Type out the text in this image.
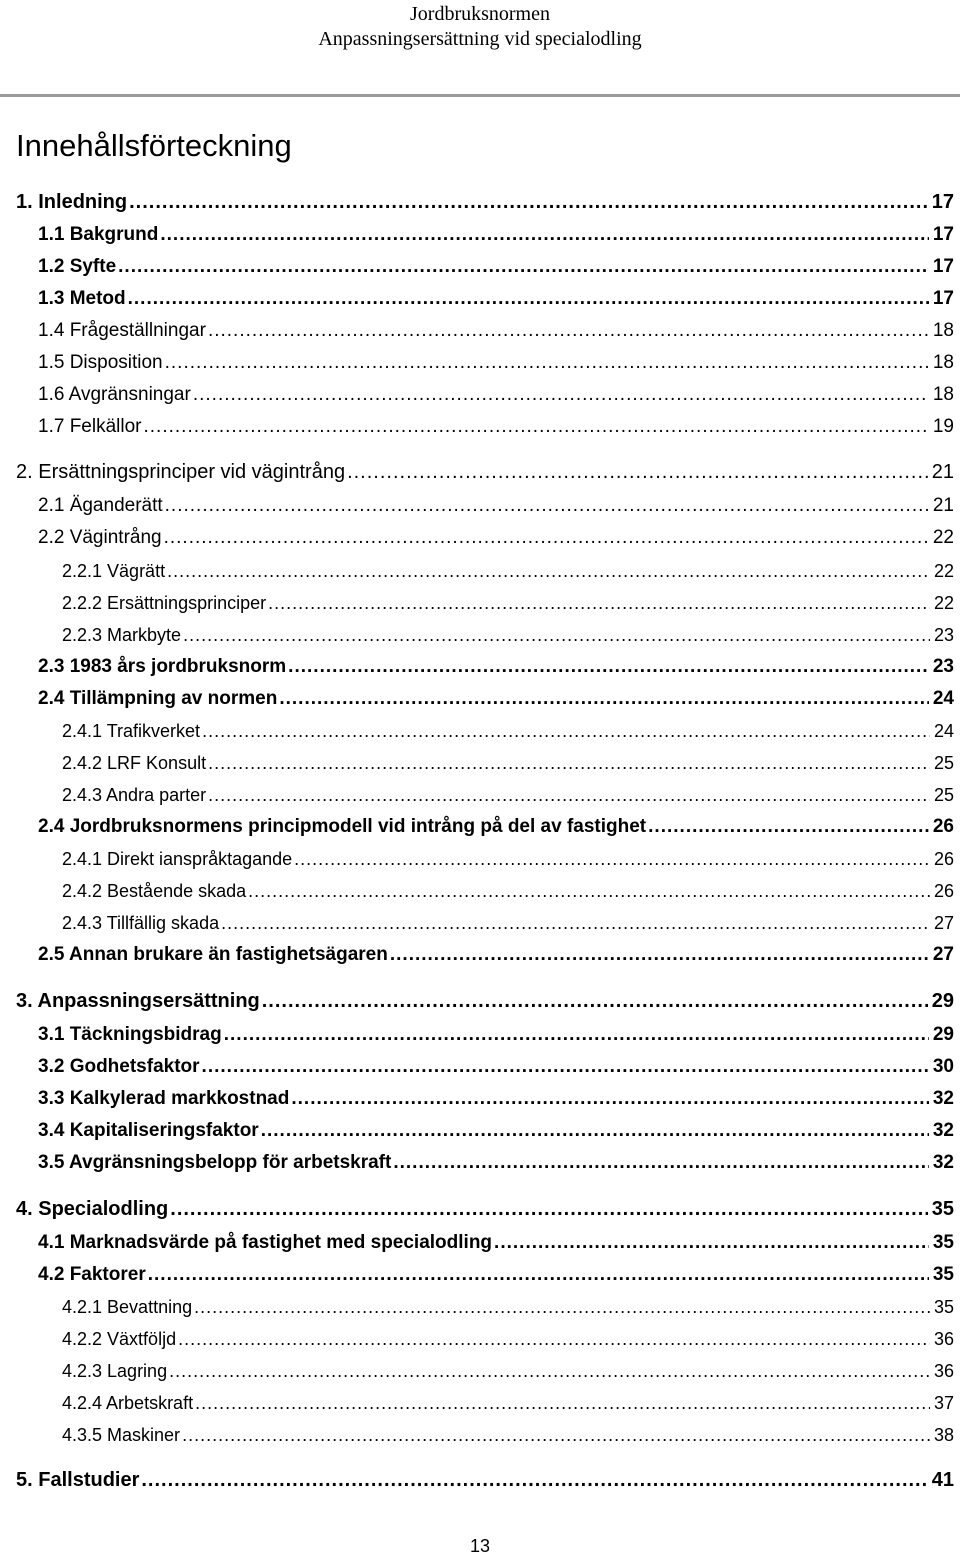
Jordbruksnormen
Anpassningsersättning vid specialodling
Innehållsförteckning
1. Inledning .....	17
1.1 Bakgrund .....	17
1.2 Syfte .....	17
1.3 Metod .....	17
1.4 Frågeställningar .....	18
1.5 Disposition .....	18
1.6 Avgränsningar .....	18
1.7 Felkällor .....	19
2. Ersättningsprinciper vid vägintrång .....	21
2.1 Äganderätt .....	21
2.2 Vägintrång .....	22
2.2.1 Vägrätt .....	22
2.2.2 Ersättningsprinciper .....	22
2.2.3 Markbyte .....	23
2.3 1983 års jordbruksnorm .....	23
2.4 Tillämpning av normen .....	24
2.4.1 Trafikverket .....	24
2.4.2 LRF Konsult .....	25
2.4.3 Andra parter .....	25
2.4 Jordbruksnormens principmodell vid intrång på del av fastighet .....	26
2.4.1 Direkt ianspråktagande .....	26
2.4.2 Bestående skada .....	26
2.4.3 Tillfällig skada .....	27
2.5 Annan brukare än fastighetsägaren .....	27
3. Anpassningsersättning .....	29
3.1 Täckningsbidrag .....	29
3.2 Godhetsfaktor .....	30
3.3 Kalkylerad markkostnad .....	32
3.4 Kapitaliseringsfaktor .....	32
3.5 Avgränsningsbelopp för arbetskraft .....	32
4. Specialodling .....	35
4.1 Marknadsvärde på fastighet med specialodling .....	35
4.2 Faktorer .....	35
4.2.1 Bevattning .....	35
4.2.2 Växtföljd .....	36
4.2.3 Lagring .....	36
4.2.4 Arbetskraft .....	37
4.3.5 Maskiner .....	38
5. Fallstudier .....	41
13
